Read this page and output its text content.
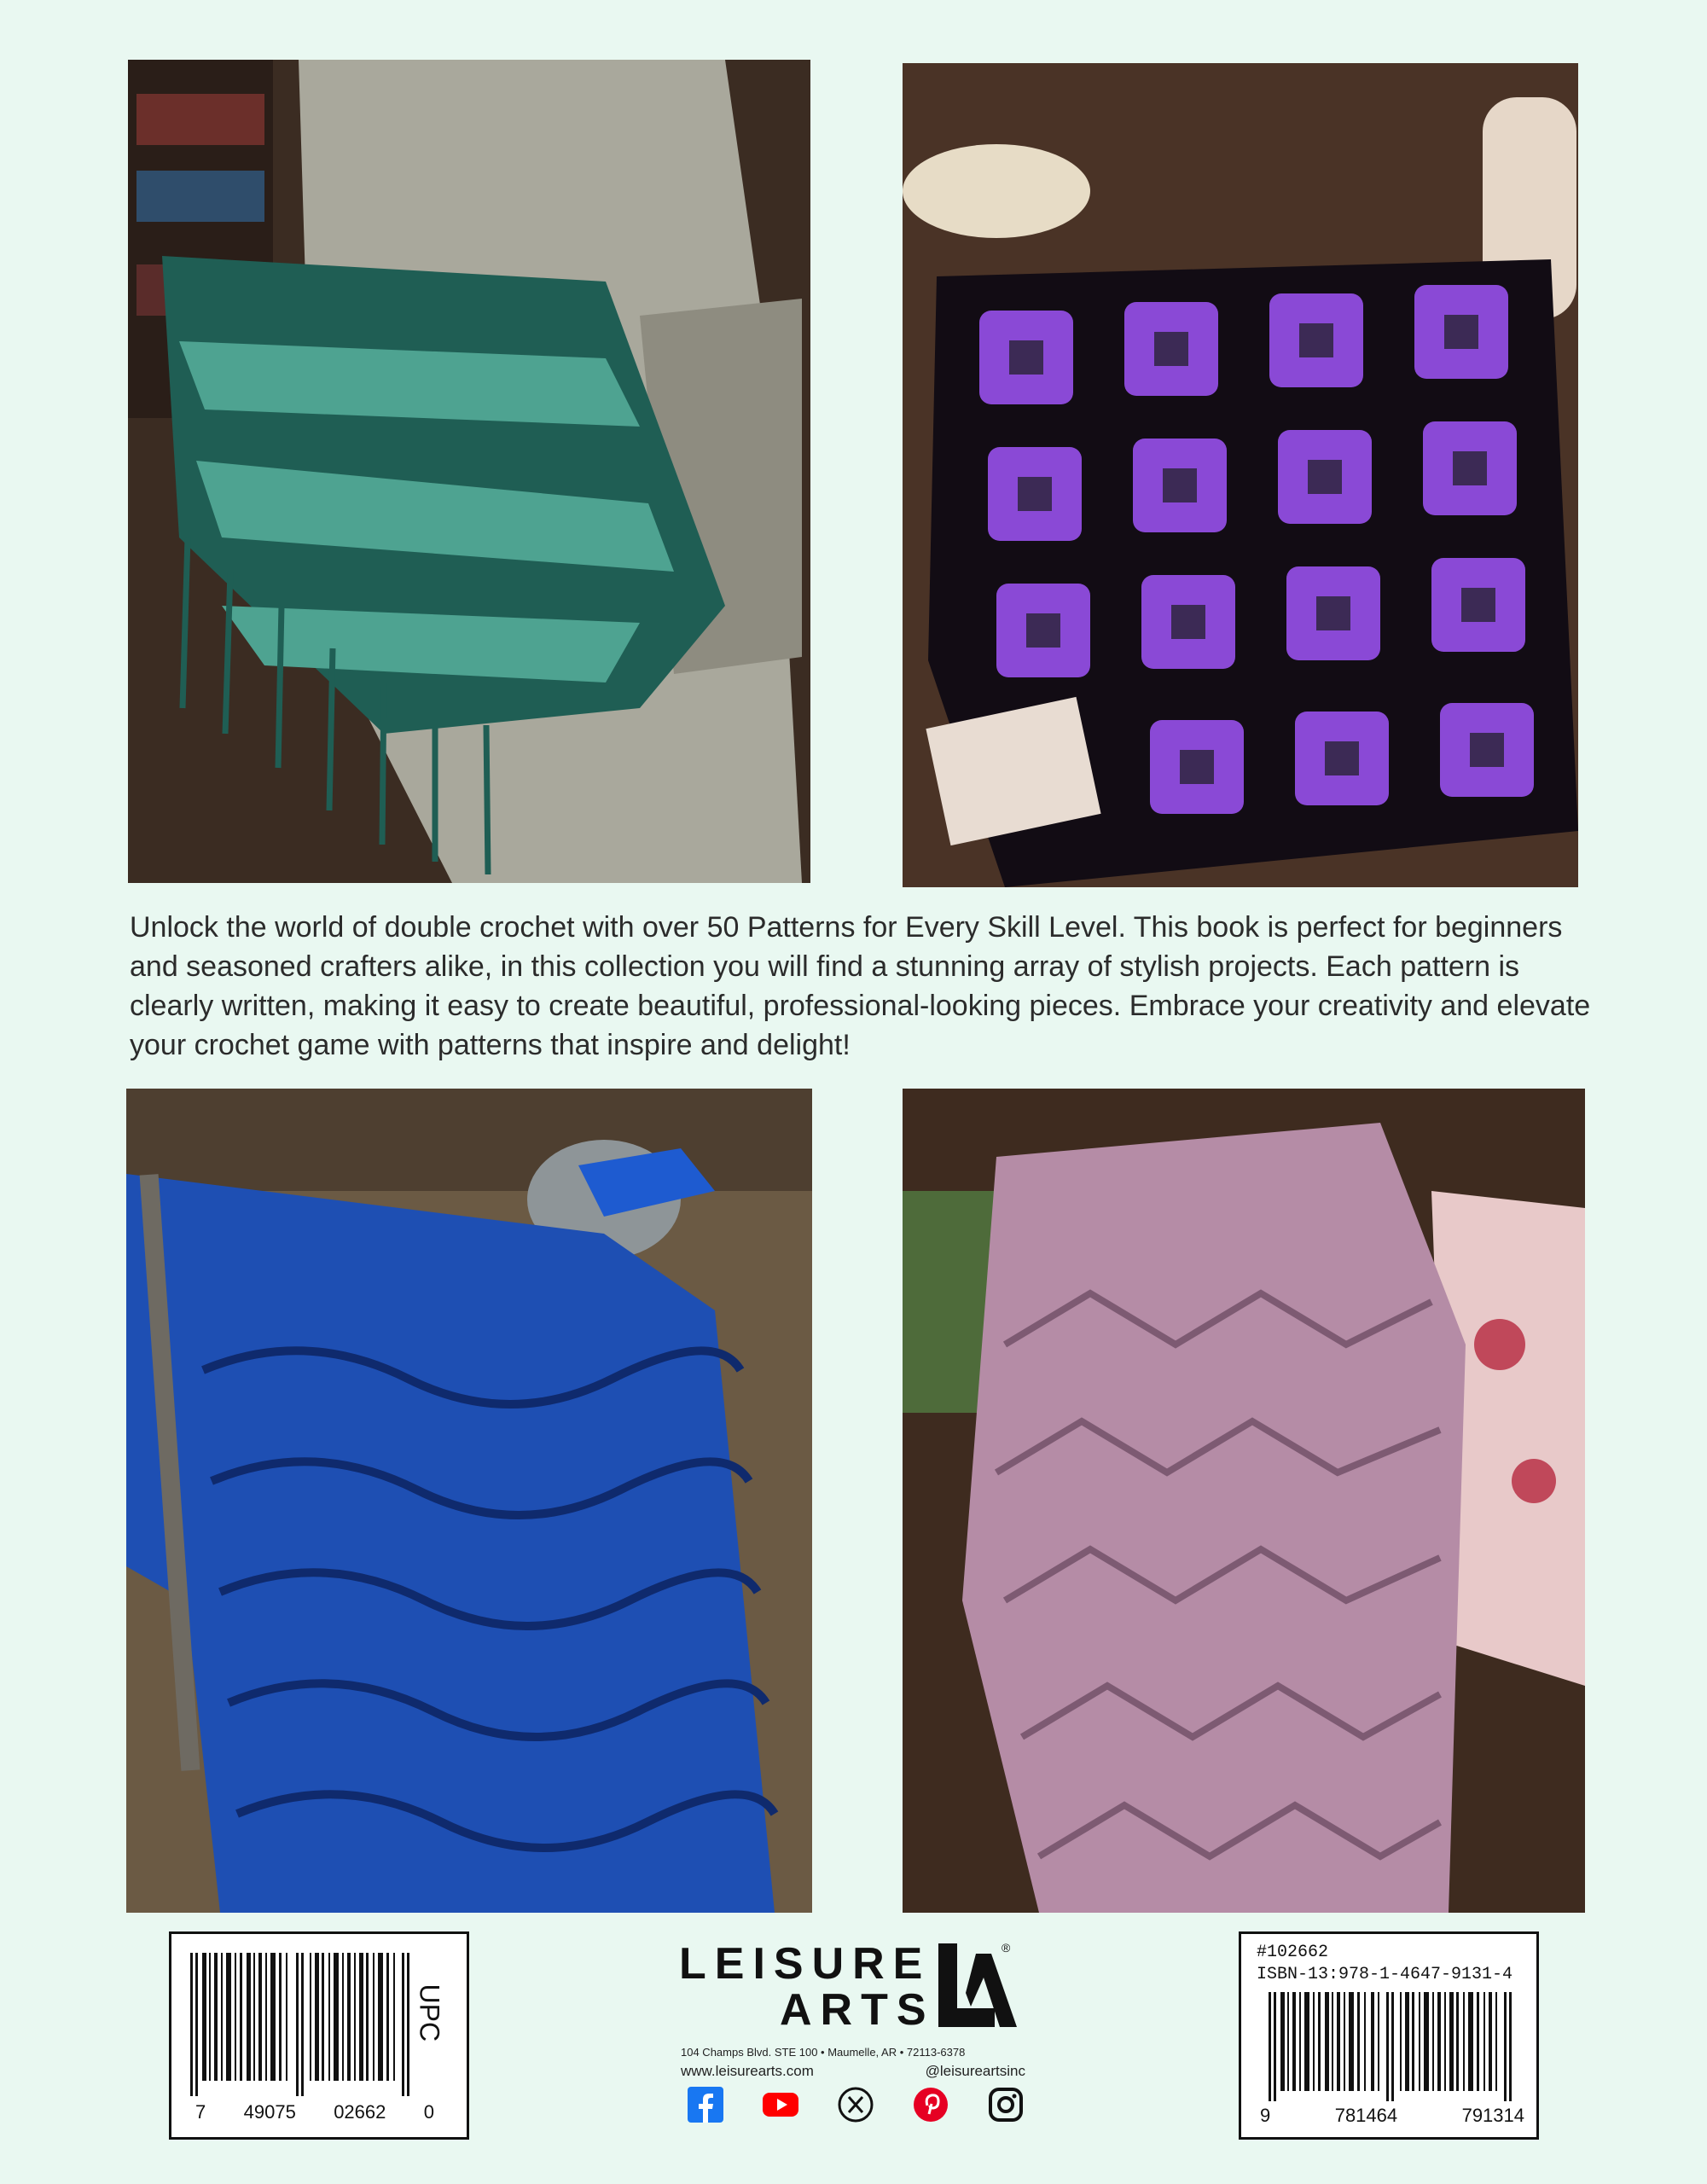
Unlock the world of double crochet with over 50 Patterns for Every Skill Level. This book is perfect for beginners and seasoned crafters alike, in this collection you will find a stunning array of stylish projects. Each pattern is clearly written, making it easy to create beautiful, professional-looking pieces. Embrace your creativity and elevate your crochet game with patterns that inspire and delight!

UPC
7 49075 02662 0
LEISURE
ARTS
®
104 Champs Blvd. STE 100 • Maumelle, AR • 72113-6378
www.leisurearts.com	@leisureartsinc
#102662
ISBN-13:978-1-4647-9131-4
9	781464	791314
